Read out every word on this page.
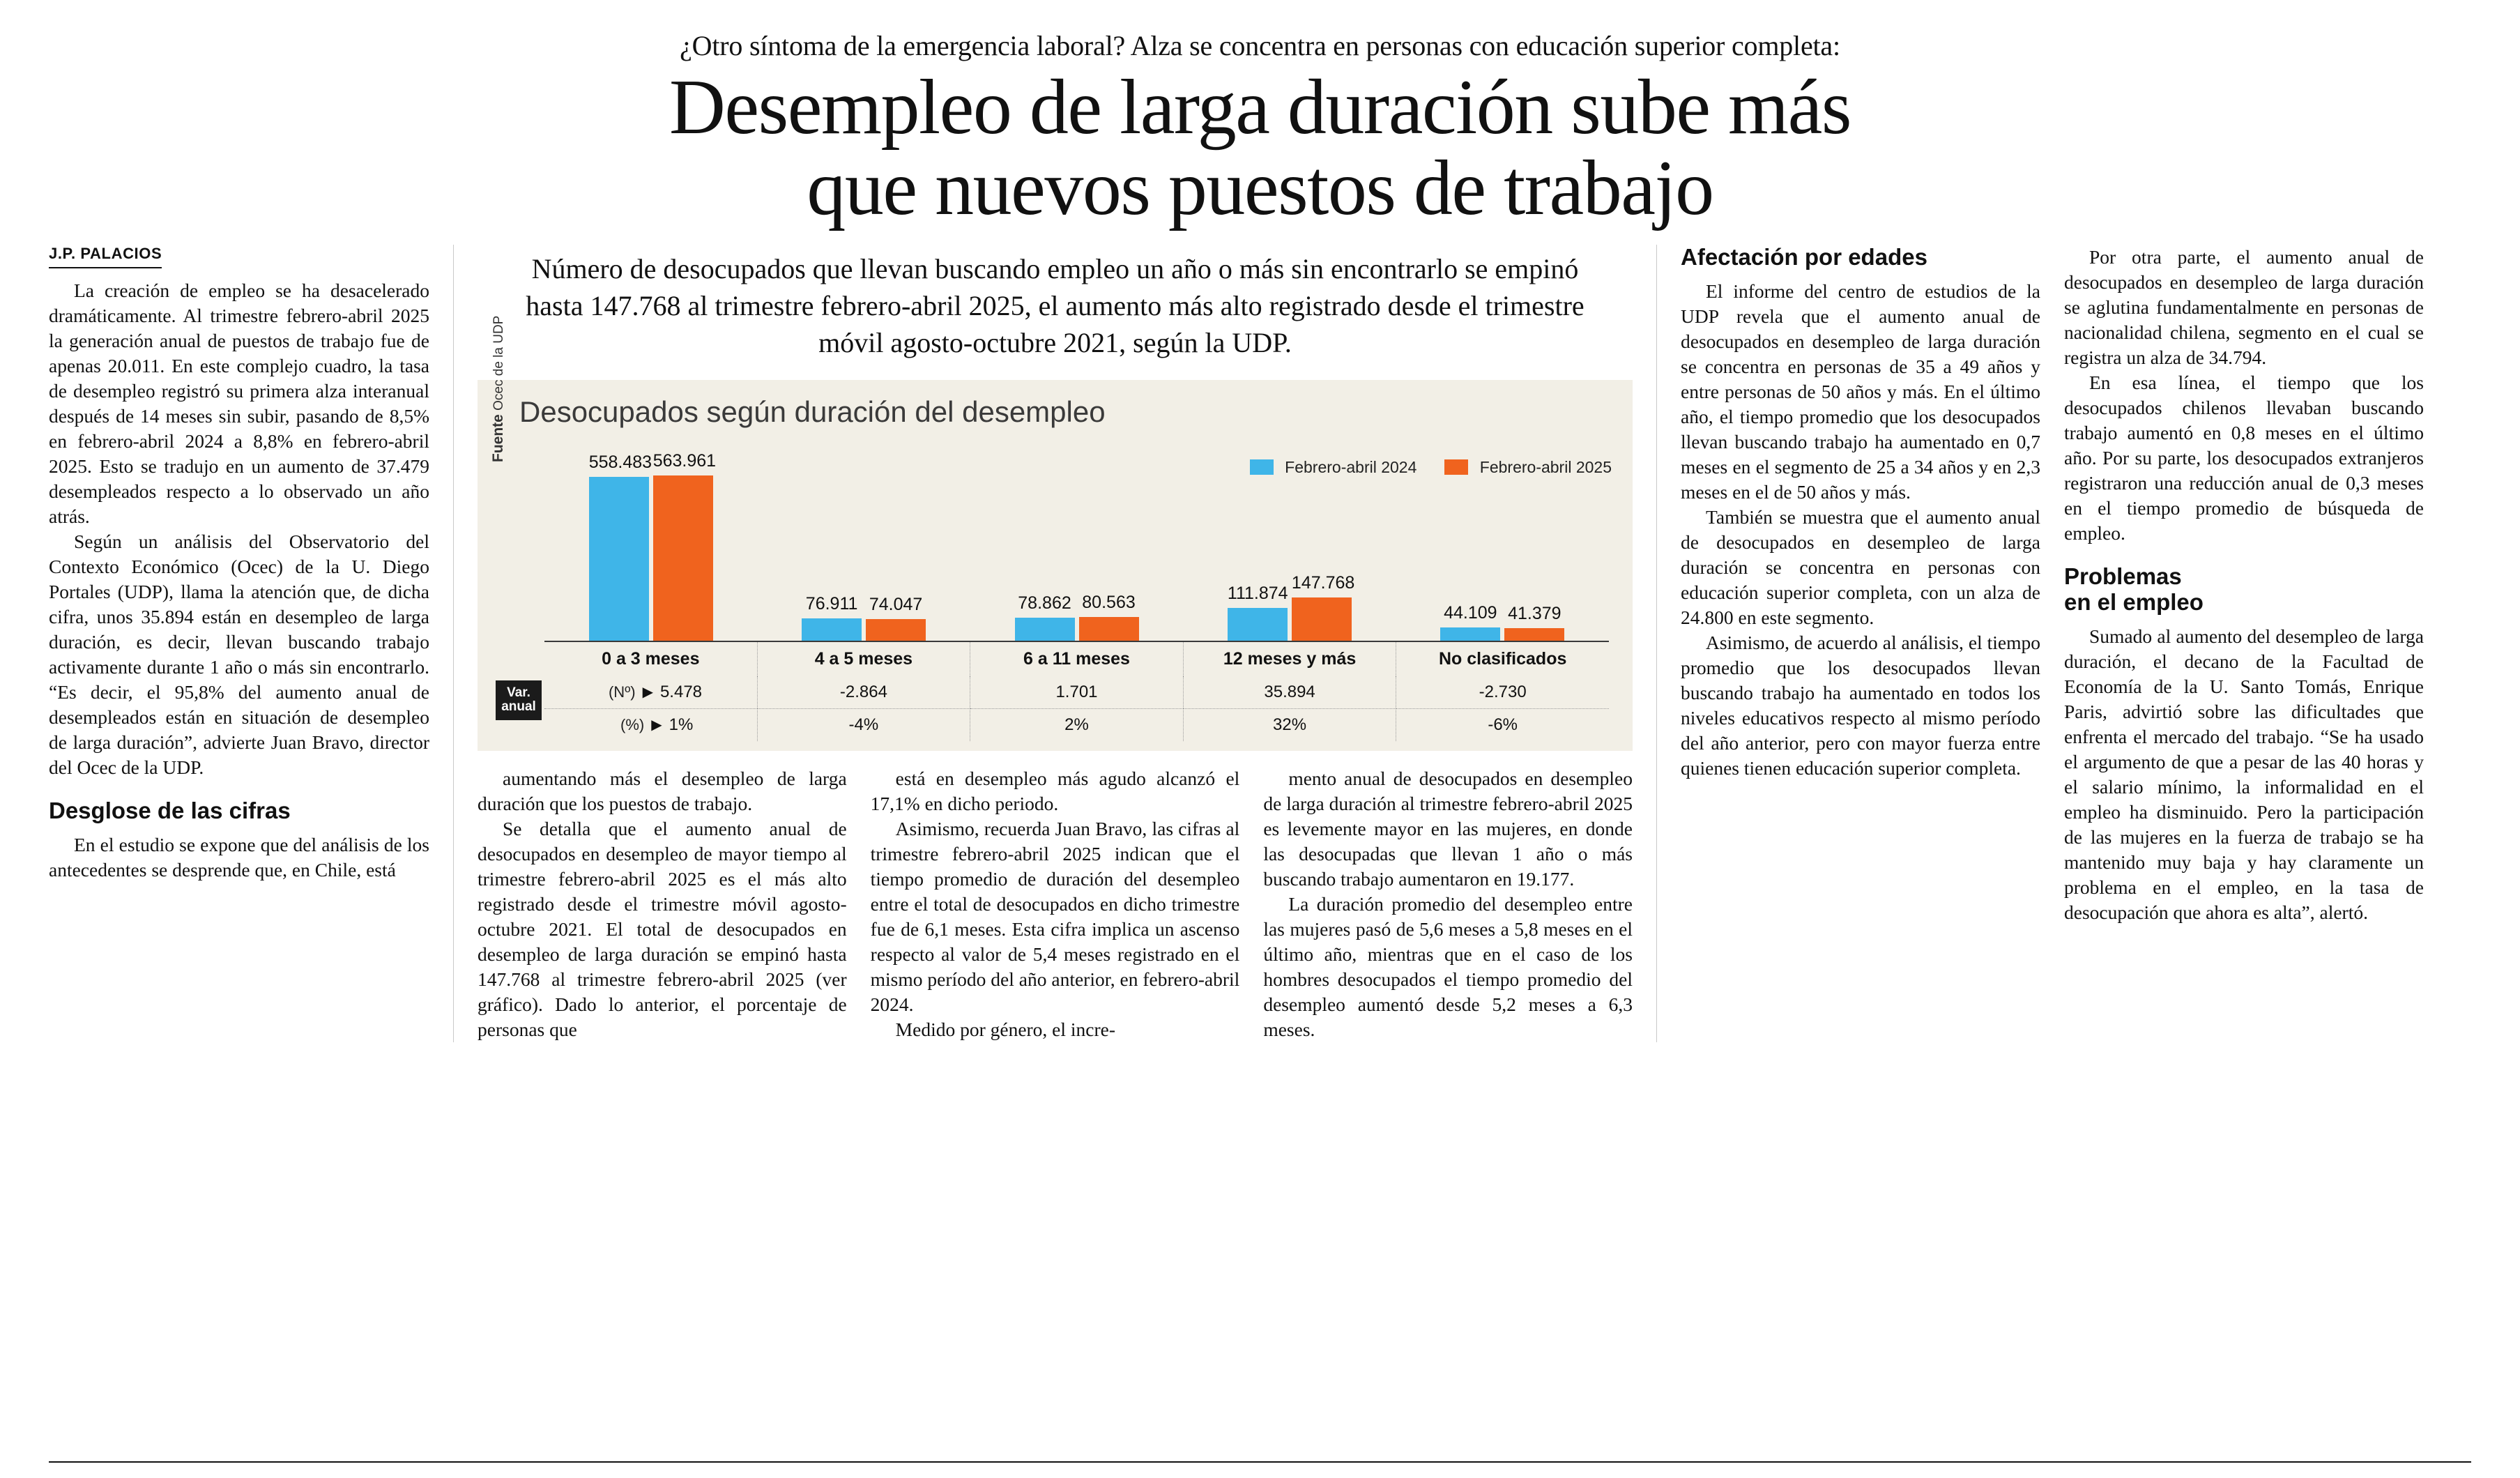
¿Otro síntoma de la emergencia laboral? Alza se concentra en personas con educación superior completa:
Desempleo de larga duración sube más
que nuevos puestos de trabajo
J.P. PALACIOS

La creación de empleo se ha desacelerado dramáticamente. Al trimestre febrero-abril 2025 la generación anual de puestos de trabajo fue de apenas 20.011. En este complejo cuadro, la tasa de desempleo registró su primera alza interanual después de 14 meses sin subir, pasando de 8,5% en febrero-abril 2024 a 8,8% en febrero-abril 2025. Esto se tradujo en un aumento de 37.479 desempleados respecto a lo observado un año atrás.

Según un análisis del Observatorio del Contexto Económico (Ocec) de la U. Diego Portales (UDP), llama la atención que, de dicha cifra, unos 35.894 están en desempleo de larga duración, es decir, llevan buscando trabajo activamente durante 1 año o más sin encontrarlo. “Es decir, el 95,8% del aumento anual de desempleados están en situación de desempleo de larga duración”, advierte Juan Bravo, director del Ocec de la UDP.

Desglose de las cifras

En el estudio se expone que del análisis de los antecedentes se desprende que, en Chile, está

Número de desocupados que llevan buscando empleo un año o más sin encontrarlo se empinó hasta 147.768 al trimestre febrero-abril 2025, el aumento más alto registrado desde el trimestre móvil agosto-octubre 2021, según la UDP.
Desocupados según duración del desempleo
Fuente Ocec de la UDP
Febrero-abril 2024	Febrero-abril 2025
558.483 563.961
76.911 74.047	78.862 80.563	111.874
147.768
44.109 41.379
0 a 3 meses	4 a 5 meses	6 a 11 meses	12 meses y más	No clasificados
Var.
anual
(Nº) ▶ 5.478	-2.864	1.701	35.894	-2.730
(%) ▶ 1%	-4%	2%	32%	-6%

aumentando más el desempleo de larga duración que los puestos de trabajo.

Se detalla que el aumento anual de desocupados en desempleo de mayor tiempo al trimestre febrero-abril 2025 es el más alto registrado desde el trimestre móvil agosto-octubre 2021. El total de desocupados en desempleo de larga duración se empinó hasta 147.768 al trimestre febrero-abril 2025 (ver gráfico). Dado lo anterior, el porcentaje de personas que

está en desempleo más agudo alcanzó el 17,1% en dicho periodo.

Asimismo, recuerda Juan Bravo, las cifras al trimestre febrero-abril 2025 indican que el tiempo promedio de duración del desempleo entre el total de desocupados en dicho trimestre fue de 6,1 meses. Esta cifra implica un ascenso respecto al valor de 5,4 meses registrado en el mismo período del año anterior, en febrero-abril 2024.

Medido por género, el incre-

mento anual de desocupados en desempleo de larga duración al trimestre febrero-abril 2025 es levemente mayor en las mujeres, en donde las desocupadas que llevan 1 año o más buscando trabajo aumentaron en 19.177.

La duración promedio del desempleo entre las mujeres pasó de 5,6 meses a 5,8 meses en el último año, mientras que en el caso de los hombres desocupados el tiempo promedio del desempleo aumentó desde 5,2 meses a 6,3 meses.

Afectación por edades

El informe del centro de estudios de la UDP revela que el aumento anual de desocupados en desempleo de larga duración se concentra en personas de 35 a 49 años y entre personas de 50 años y más. En el último año, el tiempo promedio que los desocupados llevan buscando trabajo ha aumentado en 0,7 meses en el segmento de 25 a 34 años y en 2,3 meses en el de 50 años y más.

También se muestra que el aumento anual de desocupados en desempleo de larga duración se concentra en personas con educación superior completa, con un alza de 24.800 en este segmento.

Asimismo, de acuerdo al análisis, el tiempo promedio que los desocupados llevan buscando trabajo ha aumentado en todos los niveles educativos respecto al mismo período del año anterior, pero con mayor fuerza entre quienes tienen educación superior completa.

Por otra parte, el aumento anual de desocupados en desempleo de larga duración se aglutina fundamentalmente en personas de nacionalidad chilena, segmento en el cual se registra un alza de 34.794.

En esa línea, el tiempo que los desocupados chilenos llevaban buscando trabajo aumentó en 0,8 meses en el último año. Por su parte, los desocupados extranjeros registraron una reducción anual de 0,3 meses en el tiempo promedio de búsqueda de empleo.

Problemas
en el empleo

Sumado al aumento del desempleo de larga duración, el decano de la Facultad de Economía de la U. Santo Tomás, Enrique Paris, advirtió sobre las dificultades que enfrenta el mercado del trabajo. “Se ha usado el argumento de que a pesar de las 40 horas y el salario mínimo, la informalidad en el empleo ha disminuido. Pero la participación de las mujeres en la fuerza de trabajo se ha mantenido muy baja y hay claramente un problema en el empleo, en la tasa de desocupación que ahora es alta”, alertó.
